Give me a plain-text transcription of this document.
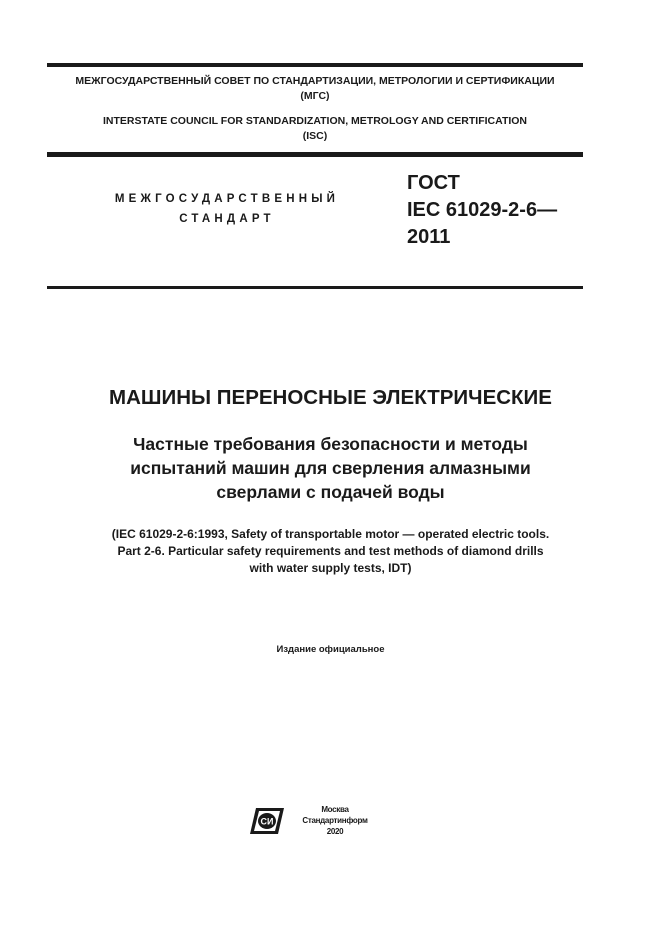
МЕЖГОСУДАРСТВЕННЫЙ СОВЕТ ПО СТАНДАРТИЗАЦИИ, МЕТРОЛОГИИ И СЕРТИФИКАЦИИ
(МГС)
INTERSTATE COUNCIL FOR STANDARDIZATION, METROLOGY AND CERTIFICATION
(ISC)
МЕЖГОСУДАРСТВЕННЫЙ
СТАНДАРТ
ГОСТ
IEC 61029-2-6—
2011
МАШИНЫ ПЕРЕНОСНЫЕ ЭЛЕКТРИЧЕСКИЕ
Частные требования безопасности и методы
испытаний машин для сверления алмазными
сверлами с подачей воды
(IEC 61029-2-6:1993, Safety of transportable motor — operated electric tools.
Part 2-6. Particular safety requirements and test methods of diamond drills
with water supply tests, IDT)
Издание официальное
СИ
Москва
Стандартинформ
2020
